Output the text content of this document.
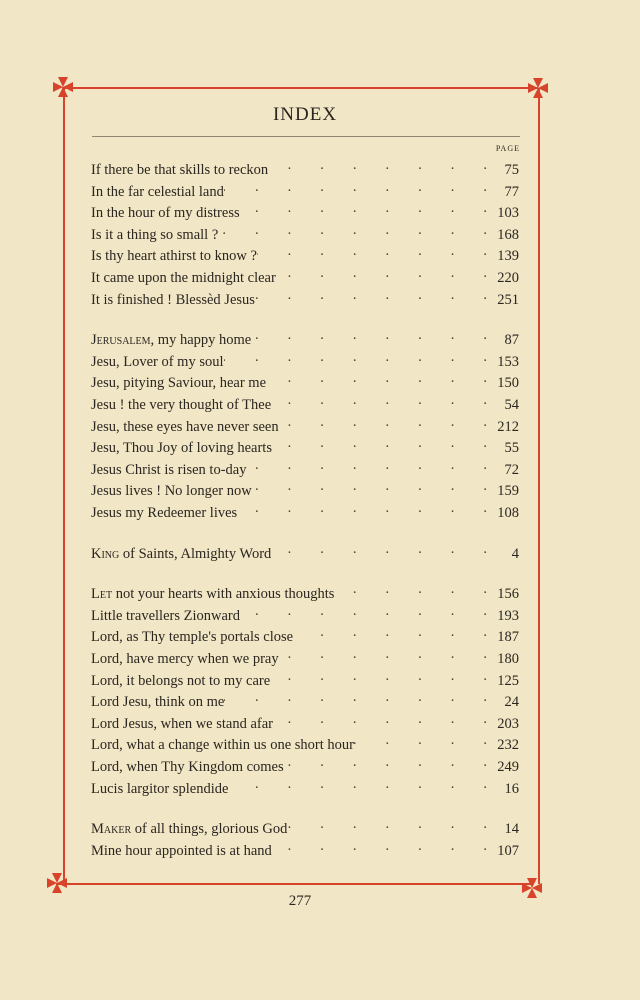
INDEX
PAGE
If there be that skills to reckon .	75
In the far celestial land .	77
In the hour of my distress .	103
Is it a thing so small ? .	168
Is thy heart athirst to know ? .	139
It came upon the midnight clear .	220
It is finished ! Blessèd Jesus .	251
Jerusalem, my happy home .	87
Jesu, Lover of my soul .	153
Jesu, pitying Saviour, hear me .	150
Jesu ! the very thought of Thee .	54
Jesu, these eyes have never seen .	212
Jesu, Thou Joy of loving hearts .	55
Jesus Christ is risen to-day .	72
Jesus lives ! No longer now .	159
Jesus my Redeemer lives .	108
King of Saints, Almighty Word .	4
Let not your hearts with anxious thoughts .	156
Little travellers Zionward .	193
Lord, as Thy temple's portals close .	187
Lord, have mercy when we pray .	180
Lord, it belongs not to my care .	125
Lord Jesu, think on me .	24
Lord Jesus, when we stand afar .	203
Lord, what a change within us one short hour .	232
Lord, when Thy Kingdom comes .	249
Lucis largitor splendide .	16
Maker of all things, glorious God .	14
Mine hour appointed is at hand .	107
277
